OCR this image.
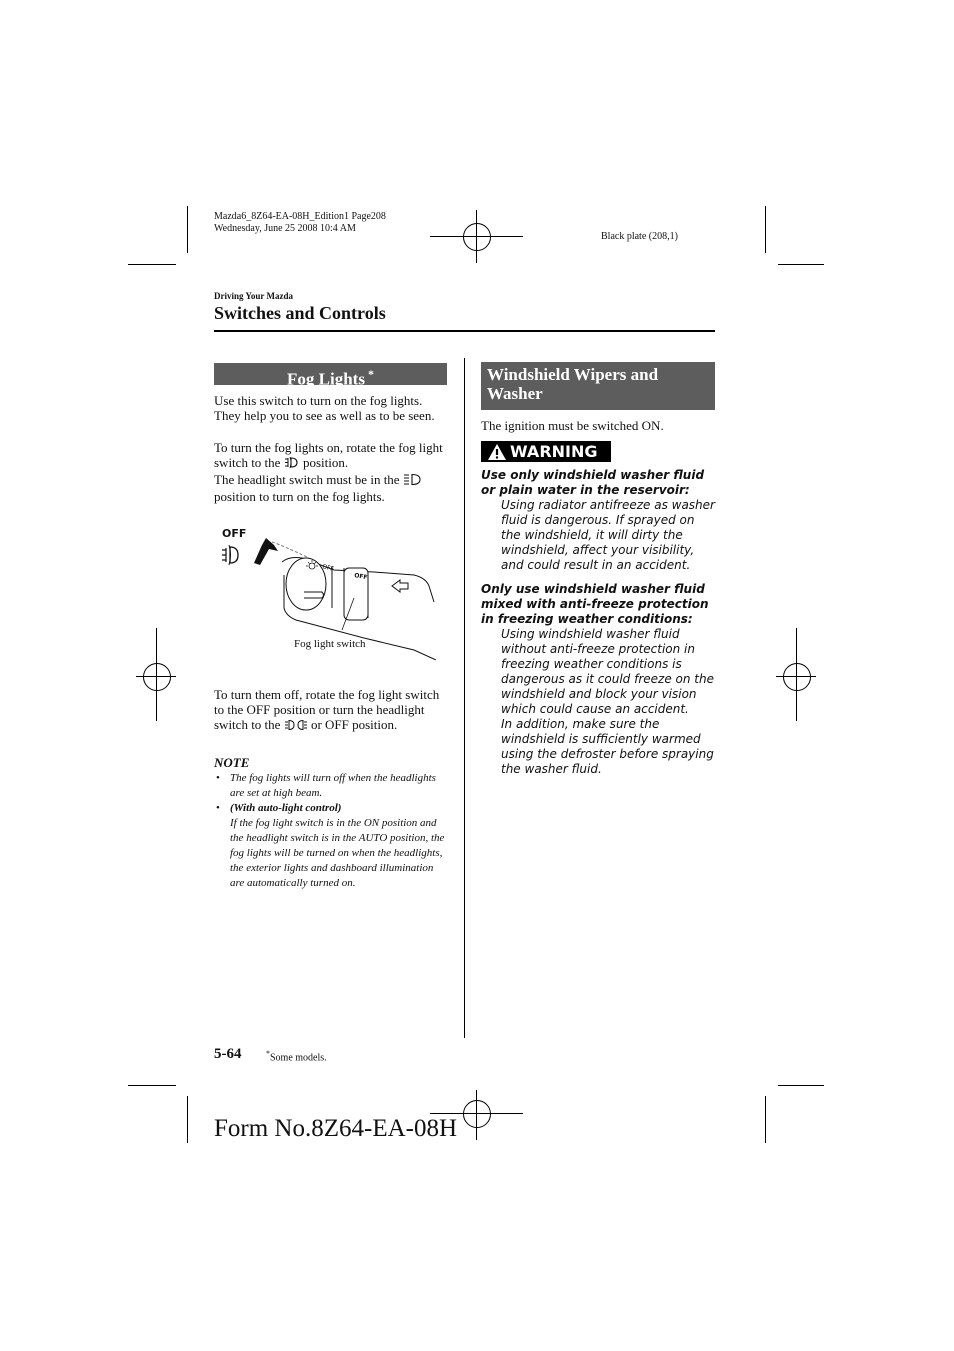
Mazda6_8Z64-EA-08H_Edition1 Page208
Wednesday, June 25 2008 10:4 AM
Black plate (208,1)
Driving Your Mazda
Switches and Controls
Fog Lights *
Use this switch to turn on the fog lights. They help you to see as well as to be seen.
To turn the fog lights on, rotate the fog light switch to the position.
The headlight switch must be in the  position to turn on the fog lights.
OFF
OFF
OFF
Fog light switch
To turn them off, rotate the fog light switch to the OFF position or turn the headlight switch to the or OFF position.
NOTE
• The fog lights will turn off when the headlights are set at high beam.
• (With auto-light control)
If the fog light switch is in the ON position and the headlight switch is in the AUTO position, the fog lights will be turned on when the headlights, the exterior lights and dashboard illumination are automatically turned on.
Windshield Wipers and Washer
The ignition must be switched ON.
WARNING
Use only windshield washer fluid or plain water in the reservoir:
Using radiator antifreeze as washer fluid is dangerous. If sprayed on the windshield, it will dirty the windshield, affect your visibility, and could result in an accident.
Only use windshield washer fluid mixed with anti-freeze protection in freezing weather conditions:
Using windshield washer fluid without anti-freeze protection in freezing weather conditions is dangerous as it could freeze on the windshield and block your vision which could cause an accident.
In addition, make sure the windshield is sufficiently warmed using the defroster before spraying the washer fluid.
5-64	*Some models.
Form No.8Z64-EA-08H
